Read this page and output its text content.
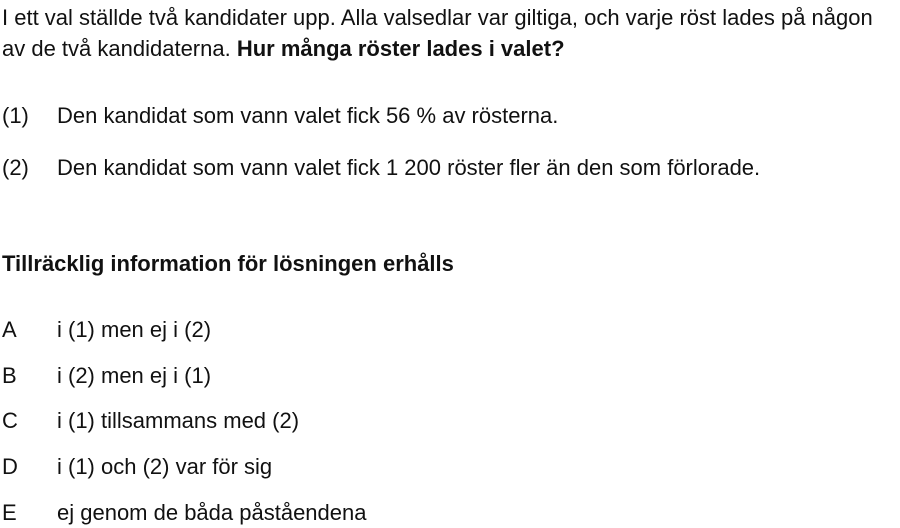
I ett val ställde två kandidater upp. Alla valsedlar var giltiga, och varje röst lades på någon av de två kandidaterna. Hur många röster lades i valet?
(1) Den kandidat som vann valet fick 56 % av rösterna.
(2) Den kandidat som vann valet fick 1 200 röster fler än den som förlorade.
Tillräcklig information för lösningen erhålls
A i (1) men ej i (2)
B i (2) men ej i (1)
C i (1) tillsammans med (2)
D i (1) och (2) var för sig
E ej genom de båda påståendena
